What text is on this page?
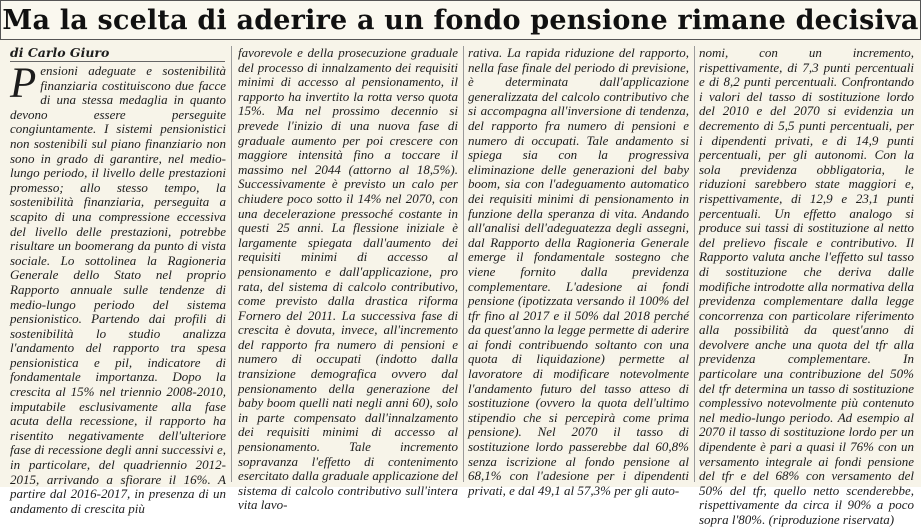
Ma la scelta di aderire a un fondo pensione rimane decisiva
di Carlo Giuro
Pensioni adeguate e sostenibilità finanziaria costituiscono due facce di una stessa medaglia in quanto devono essere perseguite congiuntamente. I sistemi pensionistici non sostenibili sul piano finanziario non sono in grado di garantire, nel medio-lungo periodo, il livello delle prestazioni promesso; allo stesso tempo, la sostenibilità finanziaria, perseguita a scapito di una compressione eccessiva del livello delle prestazioni, potrebbe risultare un boomerang da punto di vista sociale. Lo sottolinea la Ragioneria Generale dello Stato nel proprio Rapporto annuale sulle tendenze di medio-lungo periodo del sistema pensionistico. Partendo dai profili di sostenibilità lo studio analizza l'andamento del rapporto tra spesa pensionistica e pil, indicatore di fondamentale importanza. Dopo la crescita al 15% nel triennio 2008-2010, imputabile esclusivamente alla fase acuta della recessione, il rapporto ha risentito negativamente dell'ulteriore fase di recessione degli anni successivi e, in particolare, del quadriennio 2012-2015, arrivando a sfiorare il 16%. A partire dal 2016-2017, in presenza di un andamento di crescita più
favorevole e della prosecuzione graduale del processo di innalzamento dei requisiti minimi di accesso al pensionamento, il rapporto ha invertito la rotta verso quota 15%. Ma nel prossimo decennio si prevede l'inizio di una nuova fase di graduale aumento per poi crescere con maggiore intensità fino a toccare il massimo nel 2044 (attorno al 18,5%). Successivamente è previsto un calo per chiudere poco sotto il 14% nel 2070, con una decelerazione pressoché costante in questi 25 anni. La flessione iniziale è largamente spiegata dall'aumento dei requisiti minimi di accesso al pensionamento e dall'applicazione, pro rata, del sistema di calcolo contributivo, come previsto dalla drastica riforma Fornero del 2011. La successiva fase di crescita è dovuta, invece, all'incremento del rapporto fra numero di pensioni e numero di occupati (indotto dalla transizione demografica ovvero dal pensionamento della generazione del baby boom quelli nati negli anni 60), solo in parte compensato dall'innalzamento dei requisiti minimi di accesso al pensionamento. Tale incremento sopravanza l'effetto di contenimento esercitato dalla graduale applicazione del sistema di calcolo contributivo sull'intera vita lavo-
rativa. La rapida riduzione del rapporto, nella fase finale del periodo di previsione, è determinata dall'applicazione generalizzata del calcolo contributivo che si accompagna all'inversione di tendenza, del rapporto fra numero di pensioni e numero di occupati. Tale andamento si spiega sia con la progressiva eliminazione delle generazioni del baby boom, sia con l'adeguamento automatico dei requisiti minimi di pensionamento in funzione della speranza di vita. Andando all'analisi dell'adeguatezza degli assegni, dal Rapporto della Ragioneria Generale emerge il fondamentale sostegno che viene fornito dalla previdenza complementare. L'adesione ai fondi pensione (ipotizzata versando il 100% del tfr fino al 2017 e il 50% dal 2018 perché da quest'anno la legge permette di aderire ai fondi contribuendo soltanto con una quota di liquidazione) permette al lavoratore di modificare notevolmente l'andamento futuro del tasso atteso di sostituzione (ovvero la quota dell'ultimo stipendio che si percepirà come prima pensione). Nel 2070 il tasso di sostituzione lordo passerebbe dal 60,8% senza iscrizione al fondo pensione al 68,1% con l'adesione per i dipendenti privati, e dal 49,1 al 57,3% per gli auto-
nomi, con un incremento, rispettivamente, di 7,3 punti percentuali e di 8,2 punti percentuali. Confrontando i valori del tasso di sostituzione lordo del 2010 e del 2070 si evidenzia un decremento di 5,5 punti percentuali, per i dipendenti privati, e di 14,9 punti percentuali, per gli autonomi. Con la sola previdenza obbligatoria, le riduzioni sarebbero state maggiori e, rispettivamente, di 12,9 e 23,1 punti percentuali. Un effetto analogo si produce sui tassi di sostituzione al netto del prelievo fiscale e contributivo. Il Rapporto valuta anche l'effetto sul tasso di sostituzione che deriva dalle modifiche introdotte alla normativa della previdenza complementare dalla legge concorrenza con particolare riferimento alla possibilità da quest'anno di devolvere anche una quota del tfr alla previdenza complementare. In particolare una contribuzione del 50% del tfr determina un tasso di sostituzione complessivo notevolmente più contenuto nel medio-lungo periodo. Ad esempio al 2070 il tasso di sostituzione lordo per un dipendente è pari a quasi il 76% con un versamento integrale ai fondi pensione del tfr e del 68% con versamento del 50% del tfr, quello netto scenderebbe, rispettivamente da circa il 90% a poco sopra l'80%. (riproduzione riservata)
